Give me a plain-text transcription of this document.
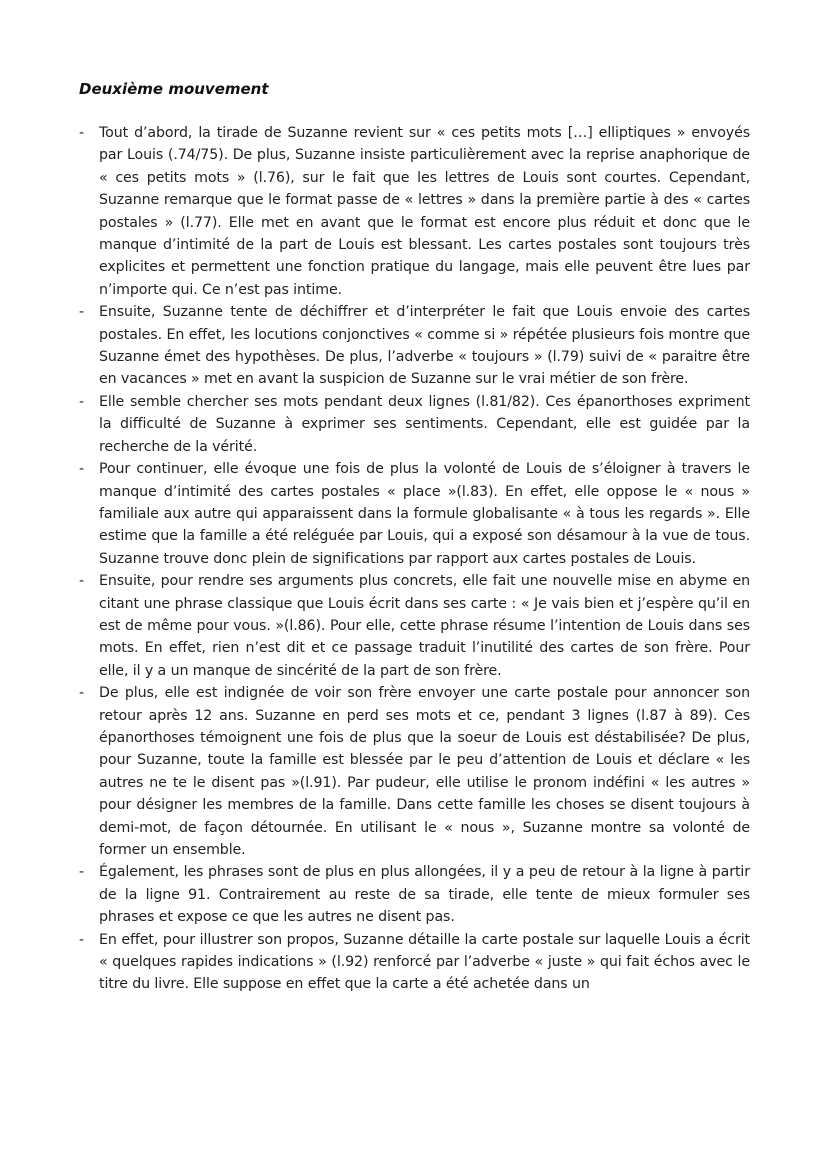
Deuxième mouvement

-	Tout d’abord, la tirade de Suzanne revient sur « ces petits mots […] elliptiques » envoyés par Louis (.74/75). De plus, Suzanne insiste particulièrement avec la reprise anaphorique de « ces petits mots » (l.76), sur le fait que les lettres de Louis sont courtes. Cependant, Suzanne remarque que le format passe de « lettres » dans la première partie à des « cartes postales » (l.77). Elle met en avant que le format est encore plus réduit et donc que le manque d’intimité de la part de Louis est blessant. Les cartes postales sont toujours très explicites et permettent une fonction pratique du langage, mais elle peuvent être lues par n’importe qui. Ce n’est pas intime.
-	Ensuite, Suzanne tente de déchiffrer et d’interpréter le fait que Louis envoie des cartes postales. En effet, les locutions conjonctives « comme si » répétée plusieurs fois montre que Suzanne émet des hypothèses. De plus, l’adverbe « toujours » (l.79) suivi de « paraitre être en vacances » met en avant la suspicion de Suzanne sur le vrai métier de son frère.
-	Elle semble chercher ses mots pendant deux lignes (l.81/82). Ces épanorthoses expriment la difficulté de Suzanne à exprimer ses sentiments. Cependant, elle est guidée par la recherche de la vérité.
-	Pour continuer, elle évoque une fois de plus la volonté de Louis de s’éloigner à travers le manque d’intimité des cartes postales « place »(l.83). En effet, elle oppose le « nous » familiale aux autre qui apparaissent dans la formule globalisante « à tous les regards ». Elle estime que la famille a été reléguée par Louis, qui a exposé son désamour à la vue de tous. Suzanne trouve donc plein de significations par rapport aux cartes postales de Louis.
-	Ensuite, pour rendre ses arguments plus concrets, elle fait une nouvelle mise en abyme en citant une phrase classique que Louis écrit dans ses carte : « Je vais bien et j’espère qu’il en est de même pour vous. »(l.86). Pour elle, cette phrase résume l’intention de Louis dans ses mots. En effet, rien n’est dit et ce passage traduit l’inutilité des cartes de son frère. Pour elle, il y a un manque de sincérité de la part de son frère.
-	De plus, elle est indignée de voir son frère envoyer une carte postale pour annoncer son retour après 12 ans. Suzanne en perd ses mots et ce, pendant 3 lignes (l.87 à 89). Ces épanorthoses témoignent une fois de plus que la soeur de Louis est déstabilisée? De plus, pour Suzanne, toute la famille est blessée par le peu d’attention de Louis et déclare « les autres ne te le disent pas »(l.91). Par pudeur, elle utilise le pronom indéfini « les autres » pour désigner les membres de la famille. Dans cette famille les choses se disent toujours à demi-mot, de façon détournée. En utilisant le « nous », Suzanne montre sa volonté de former un ensemble.
-	Également, les phrases sont de plus en plus allongées, il y a peu de retour à la ligne à partir de la ligne 91. Contrairement au reste de sa tirade, elle tente de mieux formuler ses phrases et expose ce que les autres ne disent pas.
-	En effet, pour illustrer son propos, Suzanne détaille la carte postale sur laquelle Louis a écrit « quelques rapides indications » (l.92) renforcé par l’adverbe « juste » qui fait échos avec le titre du livre. Elle suppose en effet que la carte a été achetée dans un
